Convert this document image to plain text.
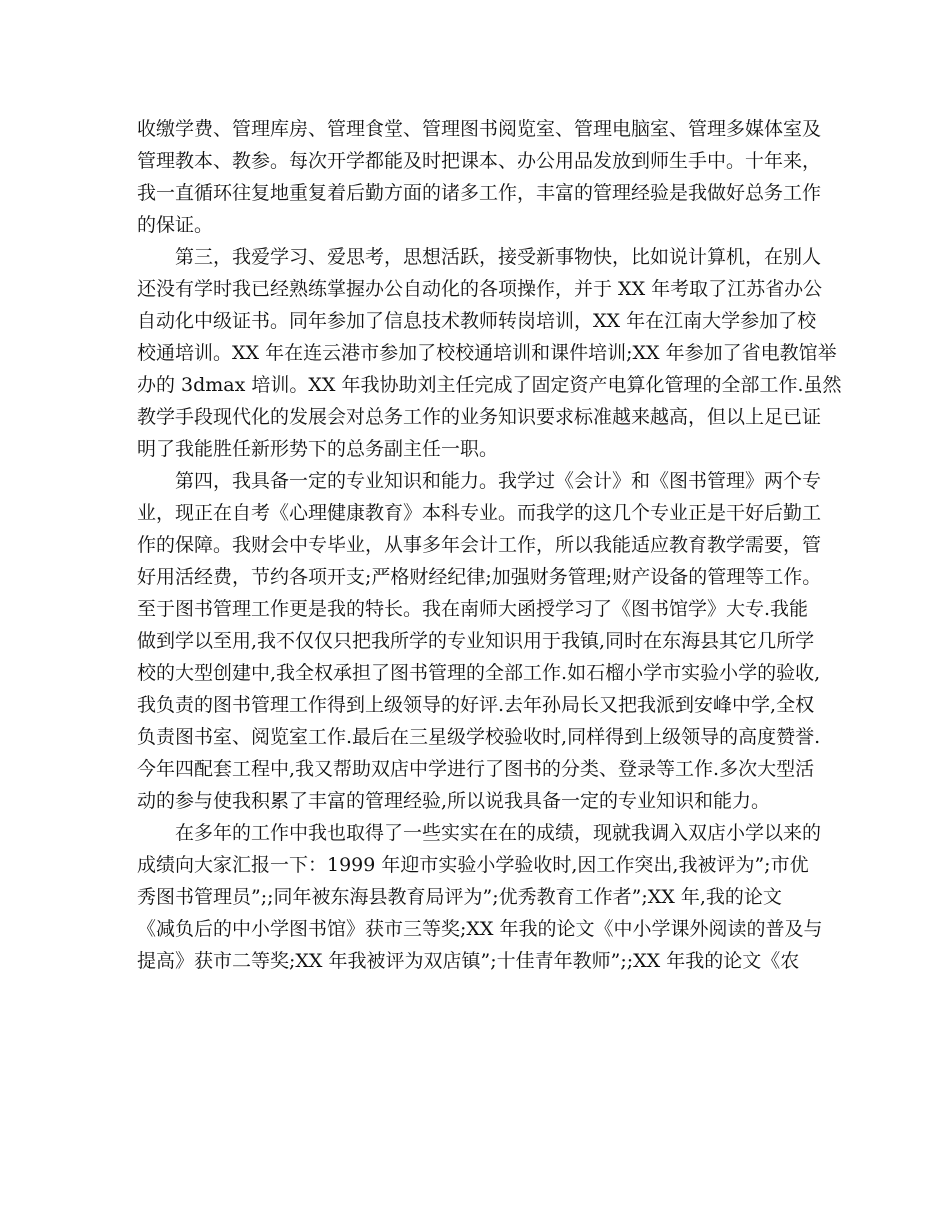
收缴学费、管理库房、管理食堂、管理图书阅览室、管理电脑室、管理多媒体室及
管理教本、教参。每次开学都能及时把课本、办公用品发放到师生手中。十年来，
我一直循环往复地重复着后勤方面的诸多工作，丰富的管理经验是我做好总务工作
的保证。

第三，我爱学习、爱思考，思想活跃，接受新事物快，比如说计算机，在别人
还没有学时我已经熟练掌握办公自动化的各项操作，并于 XX 年考取了江苏省办公
自动化中级证书。同年参加了信息技术教师转岗培训，XX 年在江南大学参加了校
校通培训。XX 年在连云港市参加了校校通培训和课件培训;XX 年参加了省电教馆举
办的 3dmax 培训。XX 年我协助刘主任完成了固定资产电算化管理的全部工作.虽然
教学手段现代化的发展会对总务工作的业务知识要求标准越来越高，但以上足已证
明了我能胜任新形势下的总务副主任一职。

第四，我具备一定的专业知识和能力。我学过《会计》和《图书管理》两个专
业，现正在自考《心理健康教育》本科专业。而我学的这几个专业正是干好后勤工
作的保障。我财会中专毕业，从事多年会计工作，所以我能适应教育教学需要，管
好用活经费，节约各项开支;严格财经纪律;加强财务管理;财产设备的管理等工作。
至于图书管理工作更是我的特长。我在南师大函授学习了《图书馆学》大专.我能
做到学以至用,我不仅仅只把我所学的专业知识用于我镇,同时在东海县其它几所学
校的大型创建中,我全权承担了图书管理的全部工作.如石榴小学市实验小学的验收,
我负责的图书管理工作得到上级领导的好评.去年孙局长又把我派到安峰中学,全权
负责图书室、阅览室工作.最后在三星级学校验收时,同样得到上级领导的高度赞誉.
今年四配套工程中,我又帮助双店中学进行了图书的分类、登录等工作.多次大型活
动的参与使我积累了丰富的管理经验,所以说我具备一定的专业知识和能力。

在多年的工作中我也取得了一些实实在在的成绩，现就我调入双店小学以来的
成绩向大家汇报一下：1999 年迎市实验小学验收时,因工作突出,我被评为”;市优
秀图书管理员”;;同年被东海县教育局评为”;优秀教育工作者”;XX 年,我的论文
《减负后的中小学图书馆》获市三等奖;XX 年我的论文《中小学课外阅读的普及与
提高》获市二等奖;XX 年我被评为双店镇”;十佳青年教师”;;XX 年我的论文《农
